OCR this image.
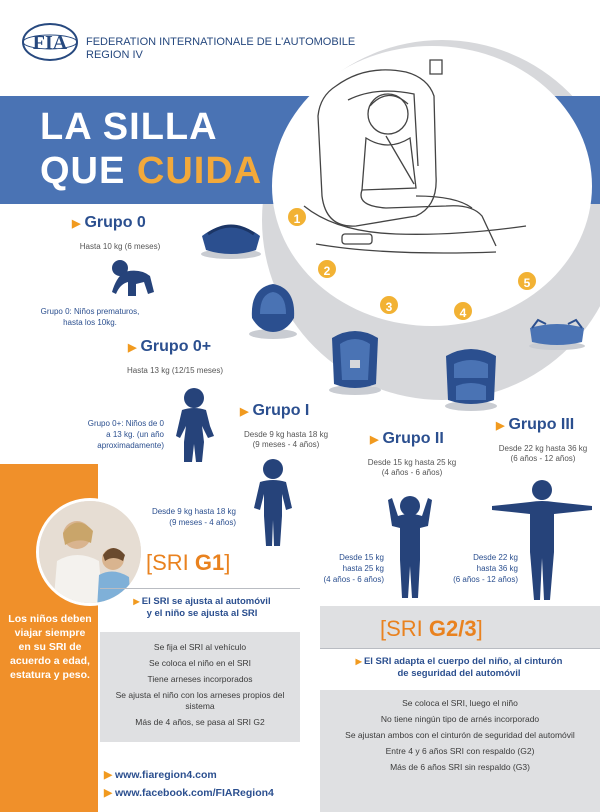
FIA FEDERATION INTERNATIONALE DE L'AUTOMOBILE
REGION IV
LA SILLA
QUE CUIDA
1
2
3	4
5
▶ Grupo 0
Hasta 10 kg (6 meses)
Grupo 0: Niños prematuros,
hasta los 10kg.
▶ Grupo 0+
Hasta 13 kg (12/15 meses)
Grupo 0+: Niños de 0
a 13 kg. (un año
aproximadamente)
▶ Grupo I
Desde 9 kg hasta 18 kg
(9 meses - 4 años)
Desde 9 kg hasta 18 kg
(9 meses - 4 años)
▶ Grupo II
Desde 15 kg hasta 25 kg
(4 años - 6 años)
Desde 15 kg
hasta 25 kg
(4 años - 6 años)
▶ Grupo III
Desde 22 kg hasta 36 kg
(6 años - 12 años)
Desde 22 kg
hasta 36 kg
(6 años - 12 años)
Los niños deben viajar siempre en su SRI de acuerdo a edad, estatura y peso.
[SRI G1]
▶ El SRI se ajusta al automóvil
y el niño se ajusta al SRI
Se fija el SRI al vehículo
Se coloca el niño en el SRI
Tiene arneses incorporados
Se ajusta el niño con los arneses propios del sistema
Más de 4 años, se pasa al SRI G2
[SRI G2/3]
▶ El SRI adapta el cuerpo del niño, al cinturón
de seguridad del automóvil
Se coloca el SRI, luego el niño
No tiene ningún tipo de arnés incorporado
Se ajustan ambos con el cinturón de seguridad del automóvil
Entre 4 y 6 años SRI con respaldo (G2)
Más de 6 años SRI sin respaldo (G3)
▶ www.fiaregion4.com
▶ www.facebook.com/FIARegion4
